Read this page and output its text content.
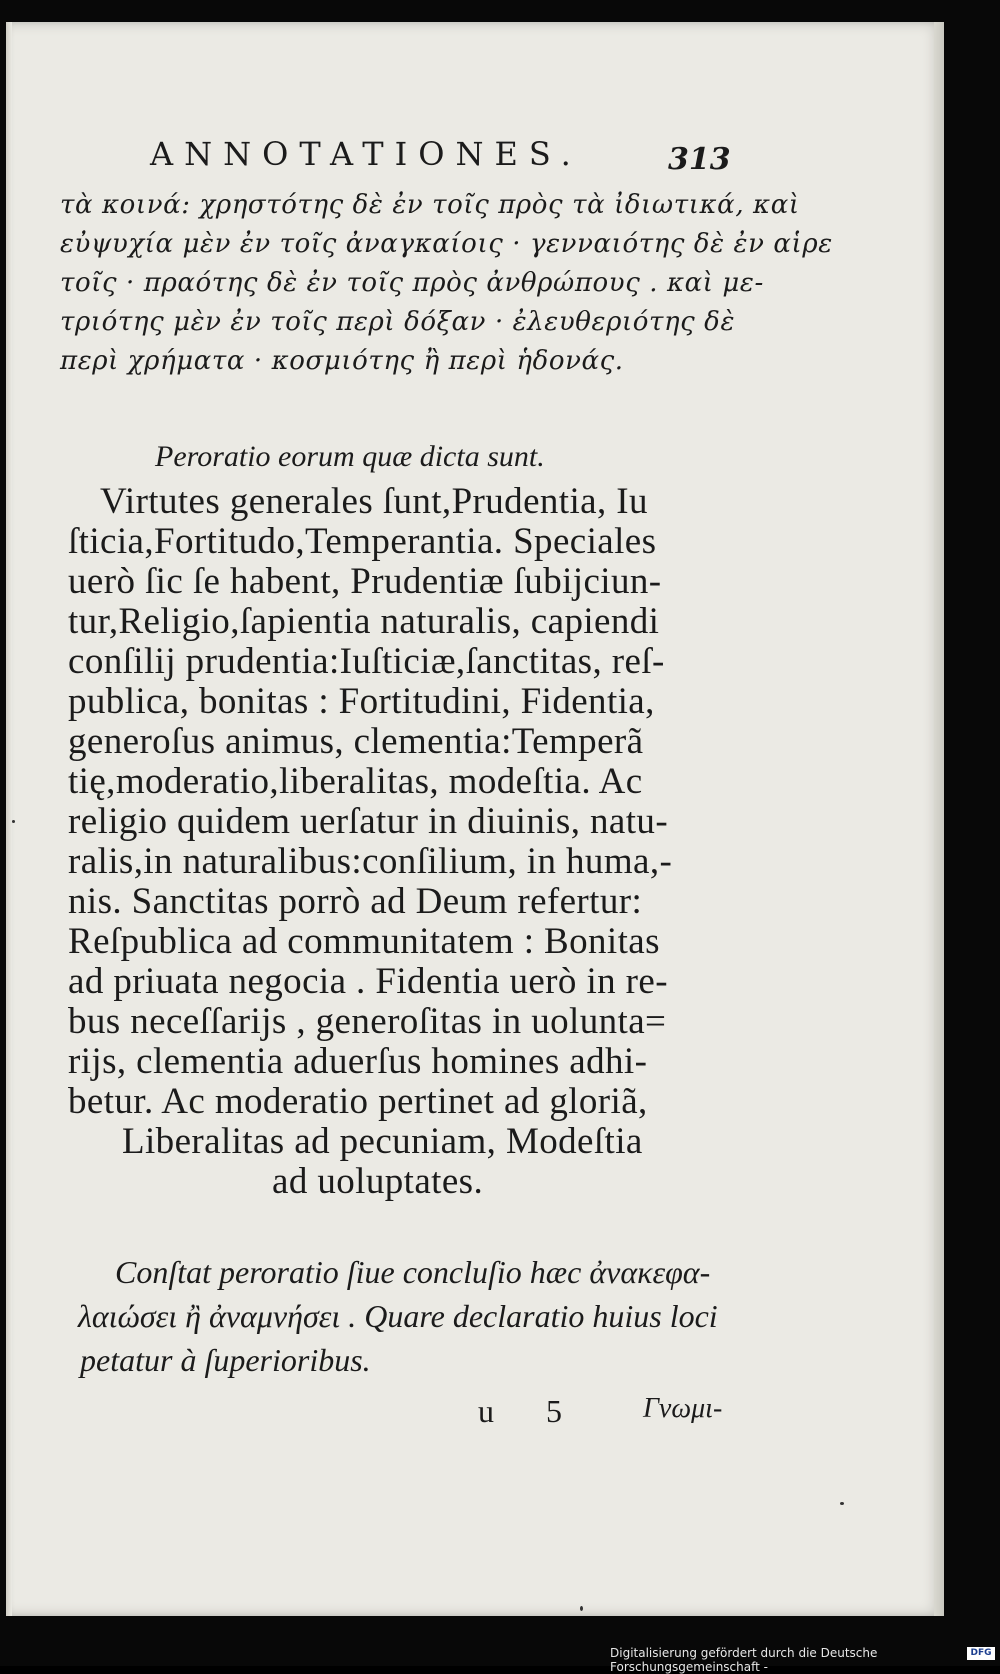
ANNOTATIONES.	313
τὰ κοινά: χρηστότης δὲ ἐν τοῖς πρὸς τὰ ἰδιωτικά, καὶ
εὐψυχία μὲν ἐν τοῖς ἀναγκαίοις · γενναιότης δὲ ἐν αἱρε
τοῖς · πραότης δὲ ἐν τοῖς πρὸς ἀνθρώπους . καὶ με-
τριότης μὲν ἐν τοῖς περὶ δόξαν · ἐλευθεριότης δὲ
περὶ χρήματα · κοσμιότης ἢ περὶ ἡδονάς.
Peroratio eorum quæ dicta sunt.
Virtutes generales ſunt,Prudentia, Iu
ſticia,Fortitudo,Temperantia. Speciales
uerò ſic ſe habent, Prudentiæ ſubijciun-
tur,Religio,ſapientia naturalis, capiendi
conſilij prudentia:Iuſticiæ,ſanctitas, reſ-
publica, bonitas : Fortitudini, Fidentia,
generoſus animus, clementia:Temperã
tię,moderatio,liberalitas, modeſtia. Ac
religio quidem uerſatur in diuinis, natu-
ralis,in naturalibus:conſilium, in huma,-
nis. Sanctitas porrò ad Deum refertur:
Reſpublica ad communitatem : Bonitas
ad priuata negocia . Fidentia uerò in re-
bus neceſſarijs , generoſitas in uolunta=
rijs, clementia aduerſus homines adhi-
betur. Ac moderatio pertinet ad gloriã,
Liberalitas ad pecuniam, Modeſtia
ad uoluptates.
Conſtat peroratio ſiue concluſio hæc ἀνακεφα-
λαιώσει ἢ ἀναμνήσει . Quare declaratio huius loci
petatur à ſuperioribus.
u 5 Γνωμι-
Digitalisierung gefördert durch die Deutsche Forschungsgemeinschaft -
DFG
